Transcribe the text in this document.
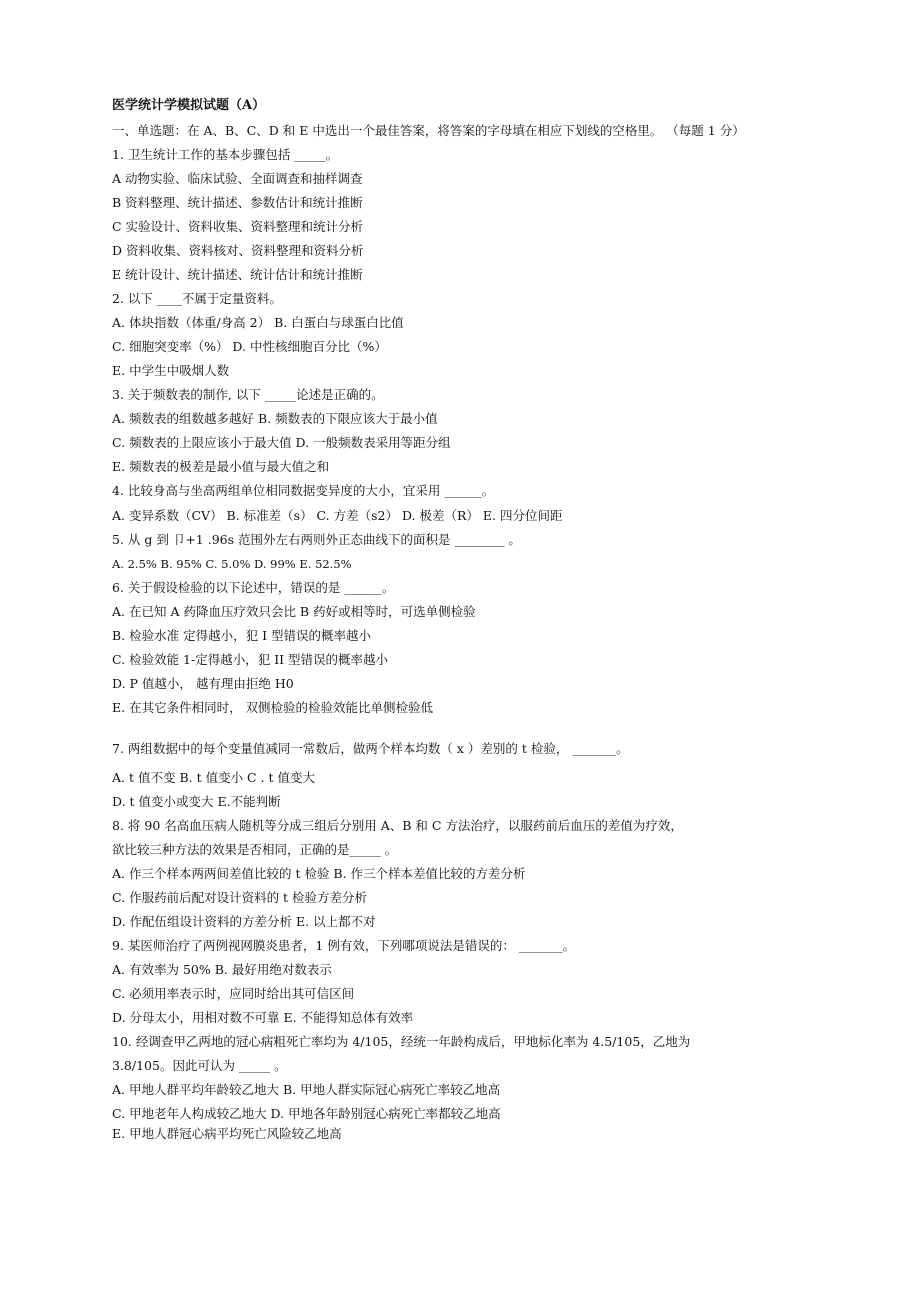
医学统计学模拟试题（A）
一、单选题：在 A、B、C、D 和 E 中选出一个最佳答案，将答案的字母填在相应下划线的空格里。 （每题 1 分）
1. 卫生统计工作的基本步骤包括 _____。
A 动物实验、临床试验、全面调查和抽样调查
B 资料整理、统计描述、参数估计和统计推断
C 实验设计、资料收集、资料整理和统计分析
D 资料收集、资料核对、资料整理和资料分析
E 统计设计、统计描述、统计估计和统计推断
2. 以下 ____不属于定量资料。
A. 体块指数（体重/身高 2） B. 白蛋白与球蛋白比值
C. 细胞突变率（%） D. 中性核细胞百分比（%）
E. 中学生中吸烟人数
3. 关于频数表的制作, 以下 _____论述是正确的。
A. 频数表的组数越多越好 B. 频数表的下限应该大于最小值
C. 频数表的上限应该小于最大值 D. 一般频数表采用等距分组
E. 频数表的极差是最小值与最大值之和
4. 比较身高与坐高两组单位相同数据变异度的大小，宜采用 ______。
A. 变异系数（CV） B. 标准差（s） C. 方差（s2） D. 极差（R） E. 四分位间距
5. 从 g 到 卩+1 .96s 范围外左右两则外正态曲线下的面积是 ________ 。
A. 2.5% B. 95% C. 5.0% D. 99% E. 52.5%
6. 关于假设检验的以下论述中，错误的是 ______。
A. 在已知 A 药降血压疗效只会比 B 药好或相等时，可选单侧检验
B. 检验水准 定得越小，犯 I 型错误的概率越小
C. 检验效能 1-定得越小，犯 II 型错误的概率越小
D. P 值越小， 越有理由拒绝 H0
E. 在其它条件相同时， 双侧检验的检验效能比单侧检验低
7. 两组数据中的每个变量值减同一常数后，做两个样本均数（ x ）差别的 t 检验， _______。
A. t 值不变 B. t 值变小 C . t 值变大
D. t 值变小或变大 E.不能判断
8. 将 90 名高血压病人随机等分成三组后分别用 A、B 和 C 方法治疗，以服药前后血压的差值为疗效，
欲比较三种方法的效果是否相同，正确的是_____ 。
A. 作三个样本两两间差值比较的 t 检验 B. 作三个样本差值比较的方差分析
C. 作服药前后配对设计资料的 t 检验方差分析
D. 作配伍组设计资料的方差分析 E. 以上都不对
9. 某医师治疗了两例视网膜炎患者，1 例有效，下列哪项说法是错误的： _______。
A. 有效率为 50% B. 最好用绝对数表示
C. 必须用率表示时，应同时给出其可信区间
D. 分母太小，用相对数不可靠 E. 不能得知总体有效率
10. 经调查甲乙两地的冠心病粗死亡率均为 4/105，经统一年龄构成后，甲地标化率为 4.5/105，乙地为
3.8/105。因此可认为 _____ 。
A. 甲地人群平均年龄较乙地大 B. 甲地人群实际冠心病死亡率较乙地高
C. 甲地老年人构成较乙地大 D. 甲地各年龄别冠心病死亡率都较乙地高
E. 甲地人群冠心病平均死亡风险较乙地高
